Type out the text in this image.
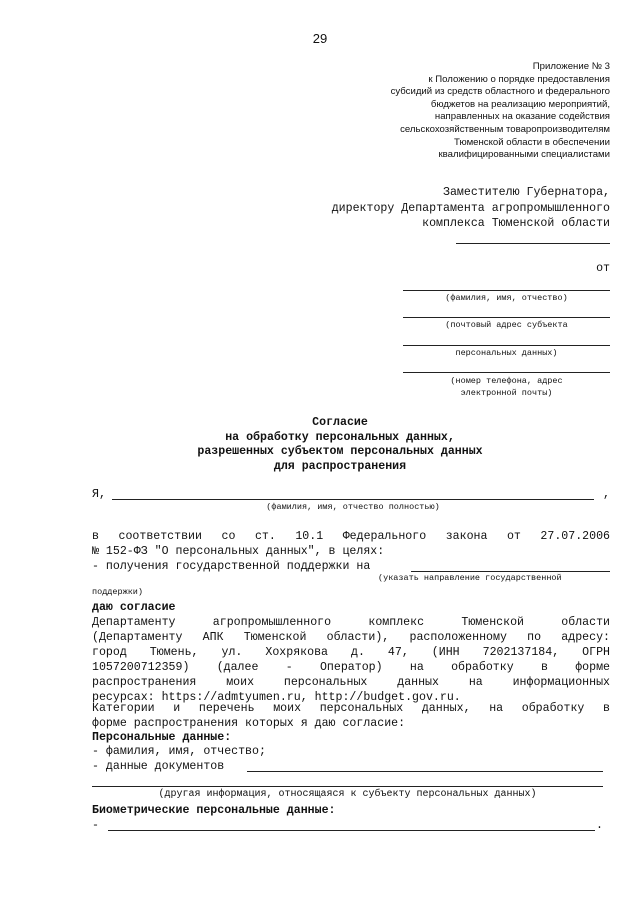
29
Приложение № 3
к Положению о порядке предоставления
субсидий из средств областного и федерального
бюджетов на реализацию мероприятий,
направленных на оказание содействия
сельскохозяйственным товаропроизводителям
Тюменской области в обеспечении
квалифицированными специалистами
Заместителю Губернатора,
директору Департамента агропромышленного
комплекса Тюменской области
от
(фамилия, имя, отчество)
(почтовый адрес субъекта
персональных данных)
(номер телефона, адрес
электронной почты)
Согласие
на обработку персональных данных,
разрешенных субъектом персональных данных
для распространения
Я,	,
(фамилия, имя, отчество полностью)
в соответствии со ст. 10.1 Федерального закона от 27.07.2006
№ 152-ФЗ "О персональных данных", в целях:
- получения государственной поддержки на
(указать направление государственной
поддержки)
даю согласие
Департаменту агропромышленного комплекс Тюменской области
(Департаменту АПК Тюменской области), расположенному по адресу:
город Тюмень, ул. Хохрякова д. 47, (ИНН 7202137184, ОГРН
1057200712359) (далее - Оператор) на обработку в форме
распространения моих персональных данных на информационных
ресурсах: https://admtyumen.ru, http://budget.gov.ru.
Категории и перечень моих персональных данных, на обработку в
форме распространения которых я даю согласие:
Персональные данные:
- фамилия, имя, отчество;
- данные документов
(другая информация, относящаяся к субъекту персональных данных)
Биометрические персональные данные:
-	.
